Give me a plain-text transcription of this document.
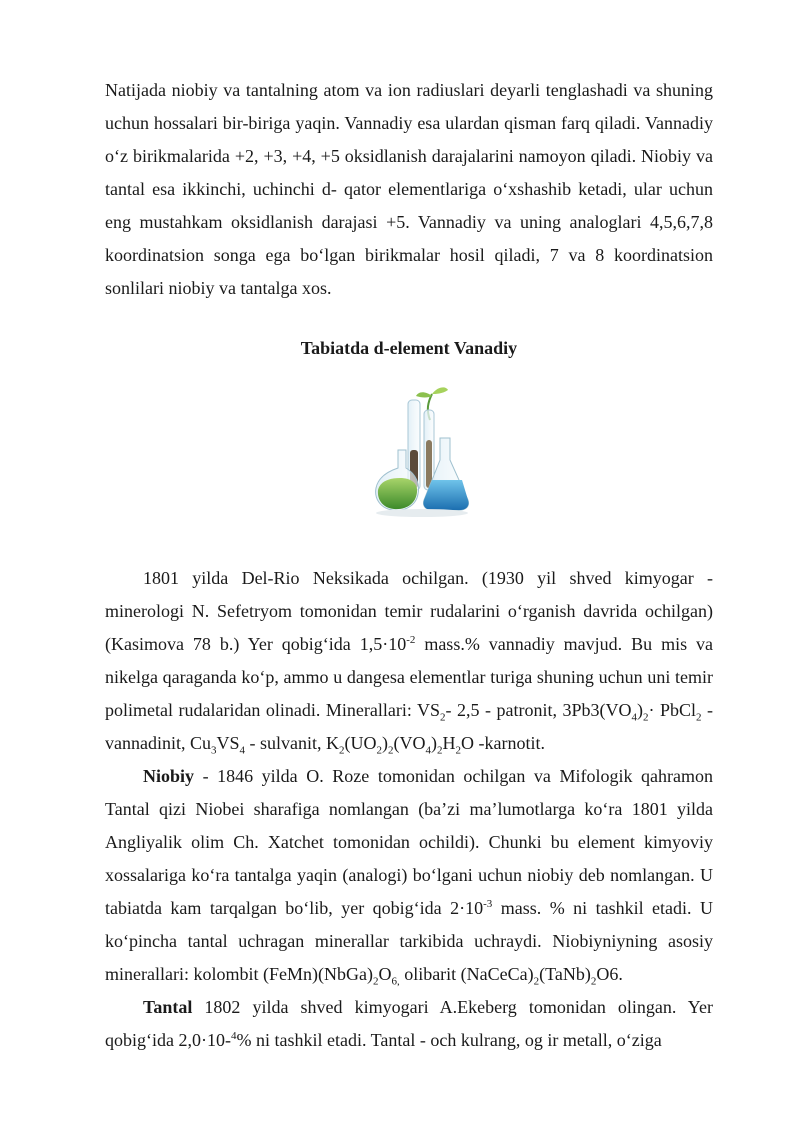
Natijada niobiy va tantalning atom va ion radiuslari deyarli tenglashadi va shuning uchun hossalari bir-biriga yaqin. Vannadiy esa ulardan qisman farq qiladi. Vannadiy o‘z birikmalarida +2, +3, +4, +5 oksidlanish darajalarini namoyon qiladi. Niobiy va tantal esa ikkinchi, uchinchi d- qator elementlariga o‘xshashib ketadi, ular uchun eng mustahkam oksidlanish darajasi +5. Vannadiy va uning analoglari 4,5,6,7,8 koordinatsion songa ega bo‘lgan birikmalar hosil qiladi, 7 va 8 koordinatsion sonlilari niobiy va tantalga xos.

Tabiatda d-element Vanadiy

1801 yilda Del-Rio Neksikada ochilgan. (1930 yil shved kimyogar - minerologi N. Sefetryom tomonidan temir rudalarini o‘rganish davrida ochilgan) (Kasimova 78 b.) Yer qobig‘ida $1,5\cdot 10^{-2}$ mass.% vannadiy mavjud. Bu mis va nikelga qaraganda ko‘p, ammo u dangesa elementlar turiga shuning uchun uni temir polimetal rudalaridan olinadi. Minerallari: $VS_2-$ 2,5 - patronit, $3Pb3(VO_4)_2\cdot$ PbCl$_2$ - vannadinit, $Cu_3VS_4$ - sulvanit, $K_2(UO_2)_2(VO_4)_2H_2O$ -karnotit.

Niobiy - 1846 yilda O. Roze tomonidan ochilgan va Mifologik qahramon Tantal qizi Niobei sharafiga nomlangan (ba’zi ma’lumotlarga ko‘ra 1801 yilda Angliyalik olim Ch. Xatchet tomonidan ochildi). Chunki bu element kimyoviy xossalariga ko‘ra tantalga yaqin (analogi) bo‘lgani uchun niobiy deb nomlangan. U tabiatda kam tarqalgan bo‘lib, yer qobig‘ida $2\cdot 10^{-3}$ mass. % ni tashkil etadi. U ko‘pincha tantal uchragan minerallar tarkibida uchraydi. Niobiyniyning asosiy minerallari: kolombit $(FeMn)(NbGa)_2O_{6,}$ olibarit $(NaCeCa)_2(TaNb)_2O6$.

Tantal 1802 yilda shved kimyogari A.Ekeberg tomonidan olingan. Yer qobig‘ida 2,0·10-$^4$% ni tashkil etadi. Tantal - och kulrang, og ir metall, o‘ziga
